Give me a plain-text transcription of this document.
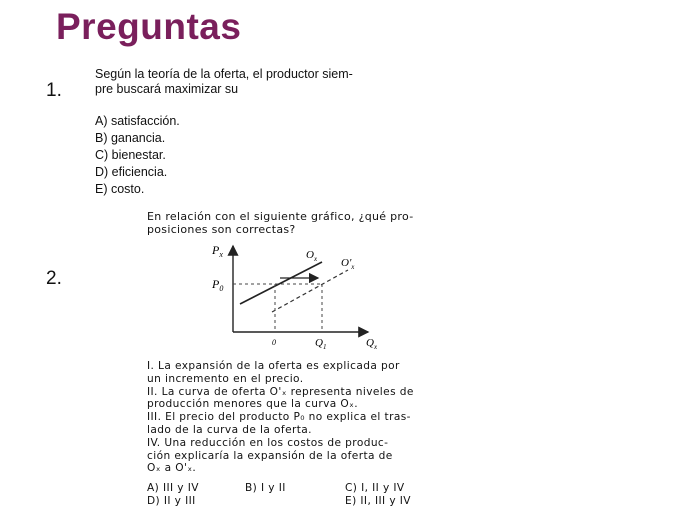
Preguntas
1.
Según la teoría de la oferta, el productor siem-
pre buscará maximizar su
A) satisfacción.
B) ganancia.
C) bienestar.
D) eficiencia.
E) costo.
2.
En relación con el siguiente gráfico, ¿qué pro-
posiciones son correctas?
$P_x$
$P_0$
$O_x$ $O'_x$
0	$Q_1$	$Q_x$

I. La expansión de la oferta es explicada por

un incremento en el precio.

II. La curva de oferta O'ₓ representa niveles de

producción menores que la curva Oₓ.

III. El precio del producto P₀ no explica el tras-

lado de la curva de la oferta.

IV. Una reducción en los costos de produc-

ción explicaría la expansión de la oferta de

Oₓ a O'ₓ.

A) III y IV	B) I y II	C) I, II y IV
D) II y III	E) II, III y IV
